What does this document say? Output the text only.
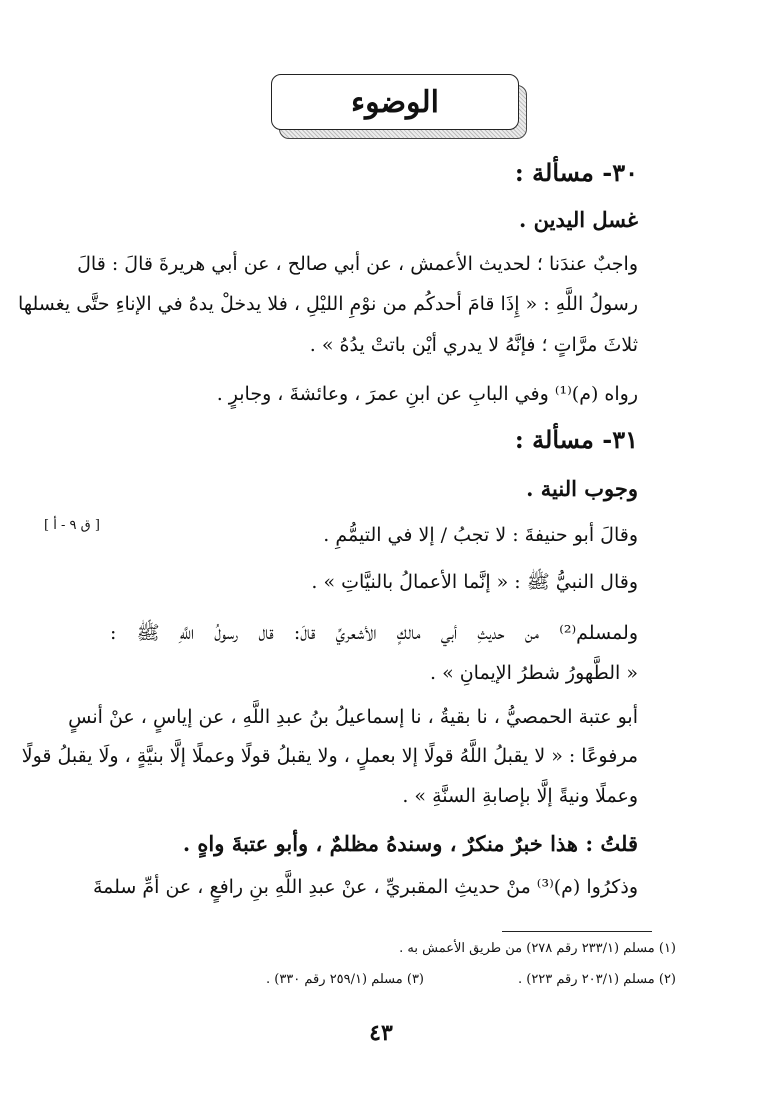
الوضوء
٣٠- مسألة :
غسل اليدين .
واجبٌ عندَنا ؛ لحديث الأعمش ، عن أبي صالح ، عن أبي هريرةَ قالَ : قالَ
رسولُ اللَّهِ : « إِذَا قامَ أحدكُم من نوْمِ الليْلِ ، فلا يدخلْ يدهُ في الإناءِ حتَّى يغسلها
ثلاثَ مرَّاتٍ ؛ فإنَّهُ لا يدري أيْن باتتْ يدُهُ » .
رواه (م)⁽¹⁾ وفي البابِ عن ابنِ عمرَ ، وعائشةَ ، وجابرٍ .
٣١- مسألة :
وجوب النية .
[ ق ٩ - أ ]	وقالَ أبو حنيفةَ : لا تجبُ / إلا في التيمُّمِ .
وقال النبيُّ ﷺ : « إنَّما الأعمالُ بالنيَّاتِ » .
ولمسلم⁽²⁾ من حديثِ أبي مالكٍ الأشعريِّ قالَ: قال رسولُ اللَّهِ ﷺ :
« الطَّهورُ شطرُ الإيمانِ » .
أبو عتبة الحمصيُّ ، نا بقيةُ ، نا إسماعيلُ بنُ عبدِ اللَّهِ ، عن إياسٍ ، عنْ أنسٍ
مرفوعًا : « لا يقبلُ اللَّهُ قولًا إلا بعملٍ ، ولا يقبلُ قولًا وعملًا إلَّا بنيَّةٍ ، ولَا يقبلُ قولًا
وعملًا ونيةً إلَّا بإصابةِ السنَّةِ » .
قلتُ : هذا خبرٌ منكرٌ ، وسندهُ مظلمٌ ، وأبو عتبةَ واهٍ .
وذكرُوا (م)⁽³⁾ منْ حديثِ المقبريِّ ، عنْ عبدِ اللَّهِ بنِ رافعٍ ، عن أمِّ سلمةَ
(١) مسلم (٢٣٣/١ رقم ٢٧٨) من طريق الأعمش به .
(٢) مسلم (٢٠٣/١ رقم ٢٢٣) .
(٣) مسلم (٢٥٩/١ رقم ٣٣٠) .
٤٣
